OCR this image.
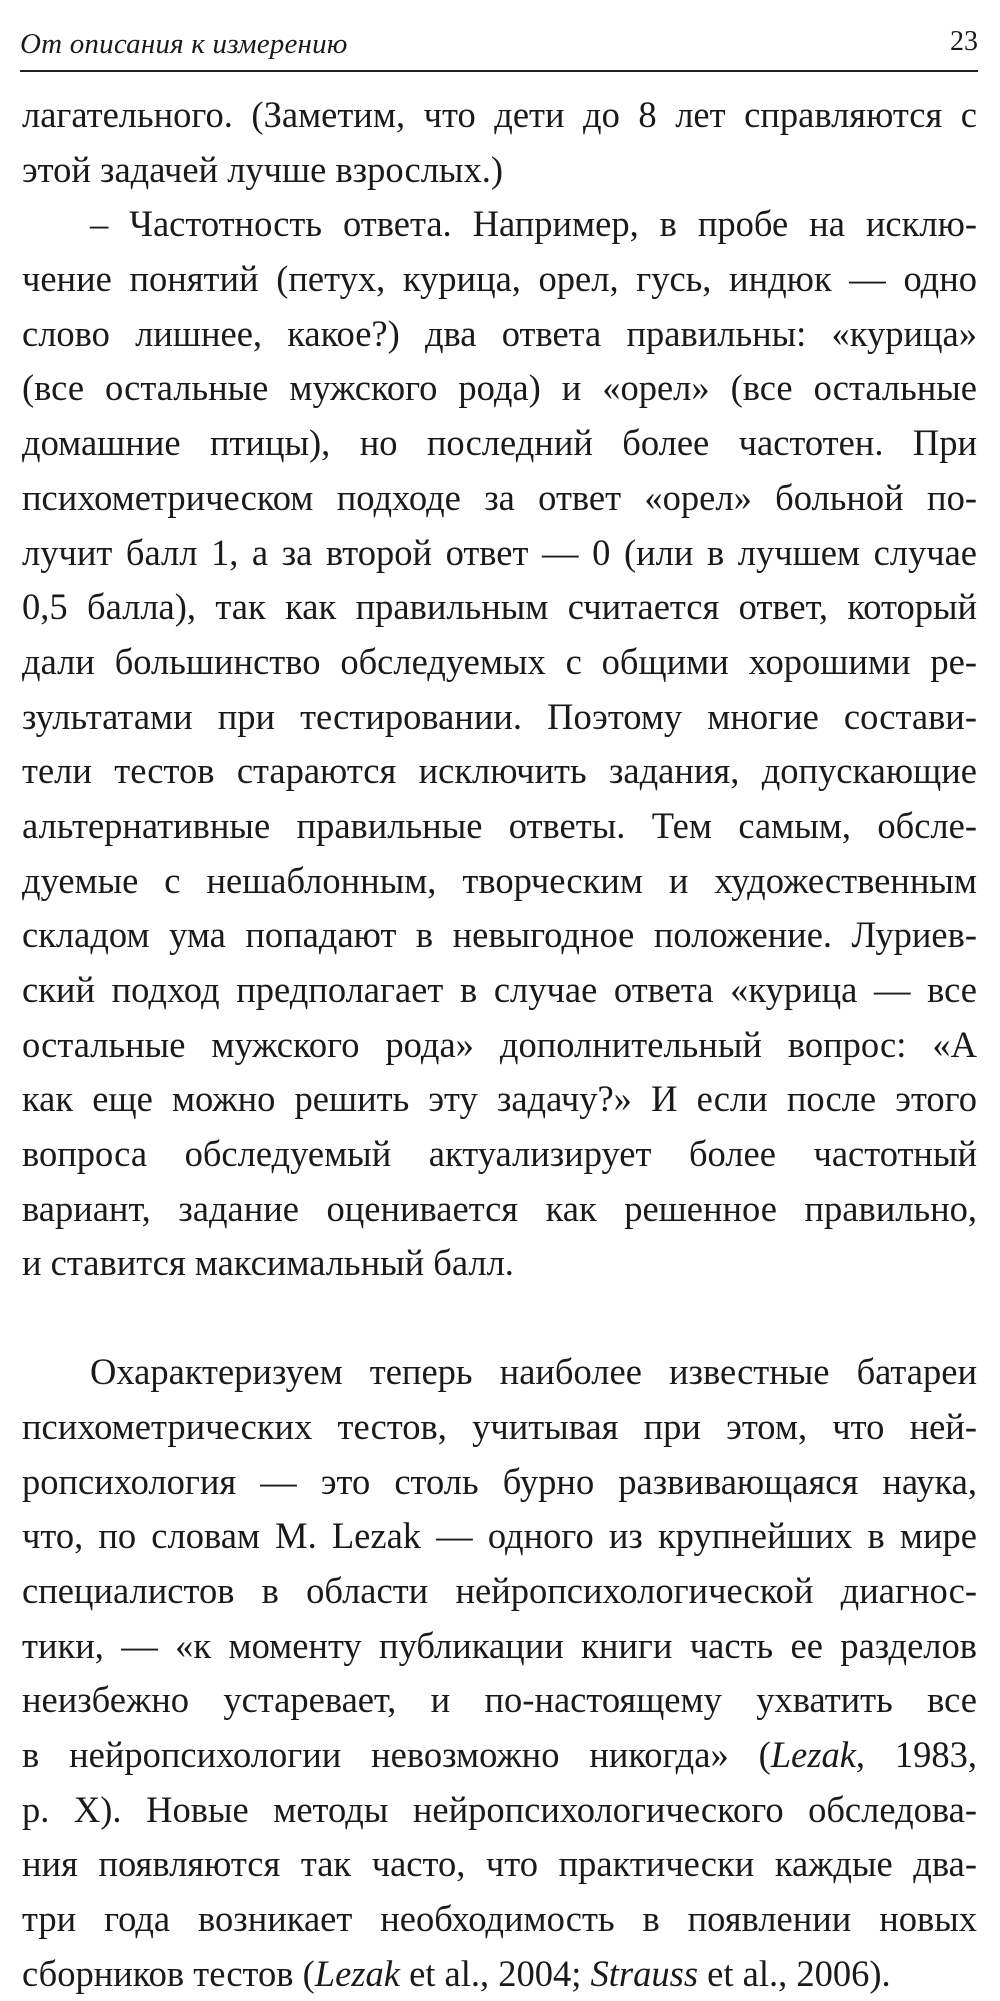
От описания к измерению	23
лагательного. (Заметим, что дети до 8 лет справляются с
этой задачей лучше взрослых.)
– Частотность ответа. Например, в пробе на исклю-
чение понятий (петух, курица, орел, гусь, индюк — одно
слово лишнее, какое?) два ответа правильны: «курица»
(все остальные мужского рода) и «орел» (все остальные
домашние птицы), но последний более частотен. При
психометрическом подходе за ответ «орел» больной по-
лучит балл 1, а за второй ответ — 0 (или в лучшем случае
0,5 балла), так как правильным считается ответ, который
дали большинство обследуемых с общими хорошими ре-
зультатами при тестировании. Поэтому многие состави-
тели тестов стараются исключить задания, допускающие
альтернативные правильные ответы. Тем самым, обсле-
дуемые с нешаблонным, творческим и художественным
складом ума попадают в невыгодное положение. Луриев-
ский подход предполагает в случае ответа «курица — все
остальные мужского рода» дополнительный вопрос: «А
как еще можно решить эту задачу?» И если после этого
вопроса обследуемый актуализирует более частотный
вариант, задание оценивается как решенное правильно,
и ставится максимальный балл.
Охарактеризуем теперь наиболее известные батареи
психометрических тестов, учитывая при этом, что ней-
ропсихология — это столь бурно развивающаяся наука,
что, по словам M. Lezak — одного из крупнейших в мире
специалистов в области нейропсихологической диагнос-
тики, — «к моменту публикации книги часть ее разделов
неизбежно устаревает, и по-настоящему ухватить все
в нейропсихологии невозможно никогда» (Lezak, 1983,
р. X). Новые методы нейропсихологического обследова-
ния появляются так часто, что практически каждые два-
три года возникает необходимость в появлении новых
сборников тестов (Lezak et al., 2004; Strauss et al., 2006).
